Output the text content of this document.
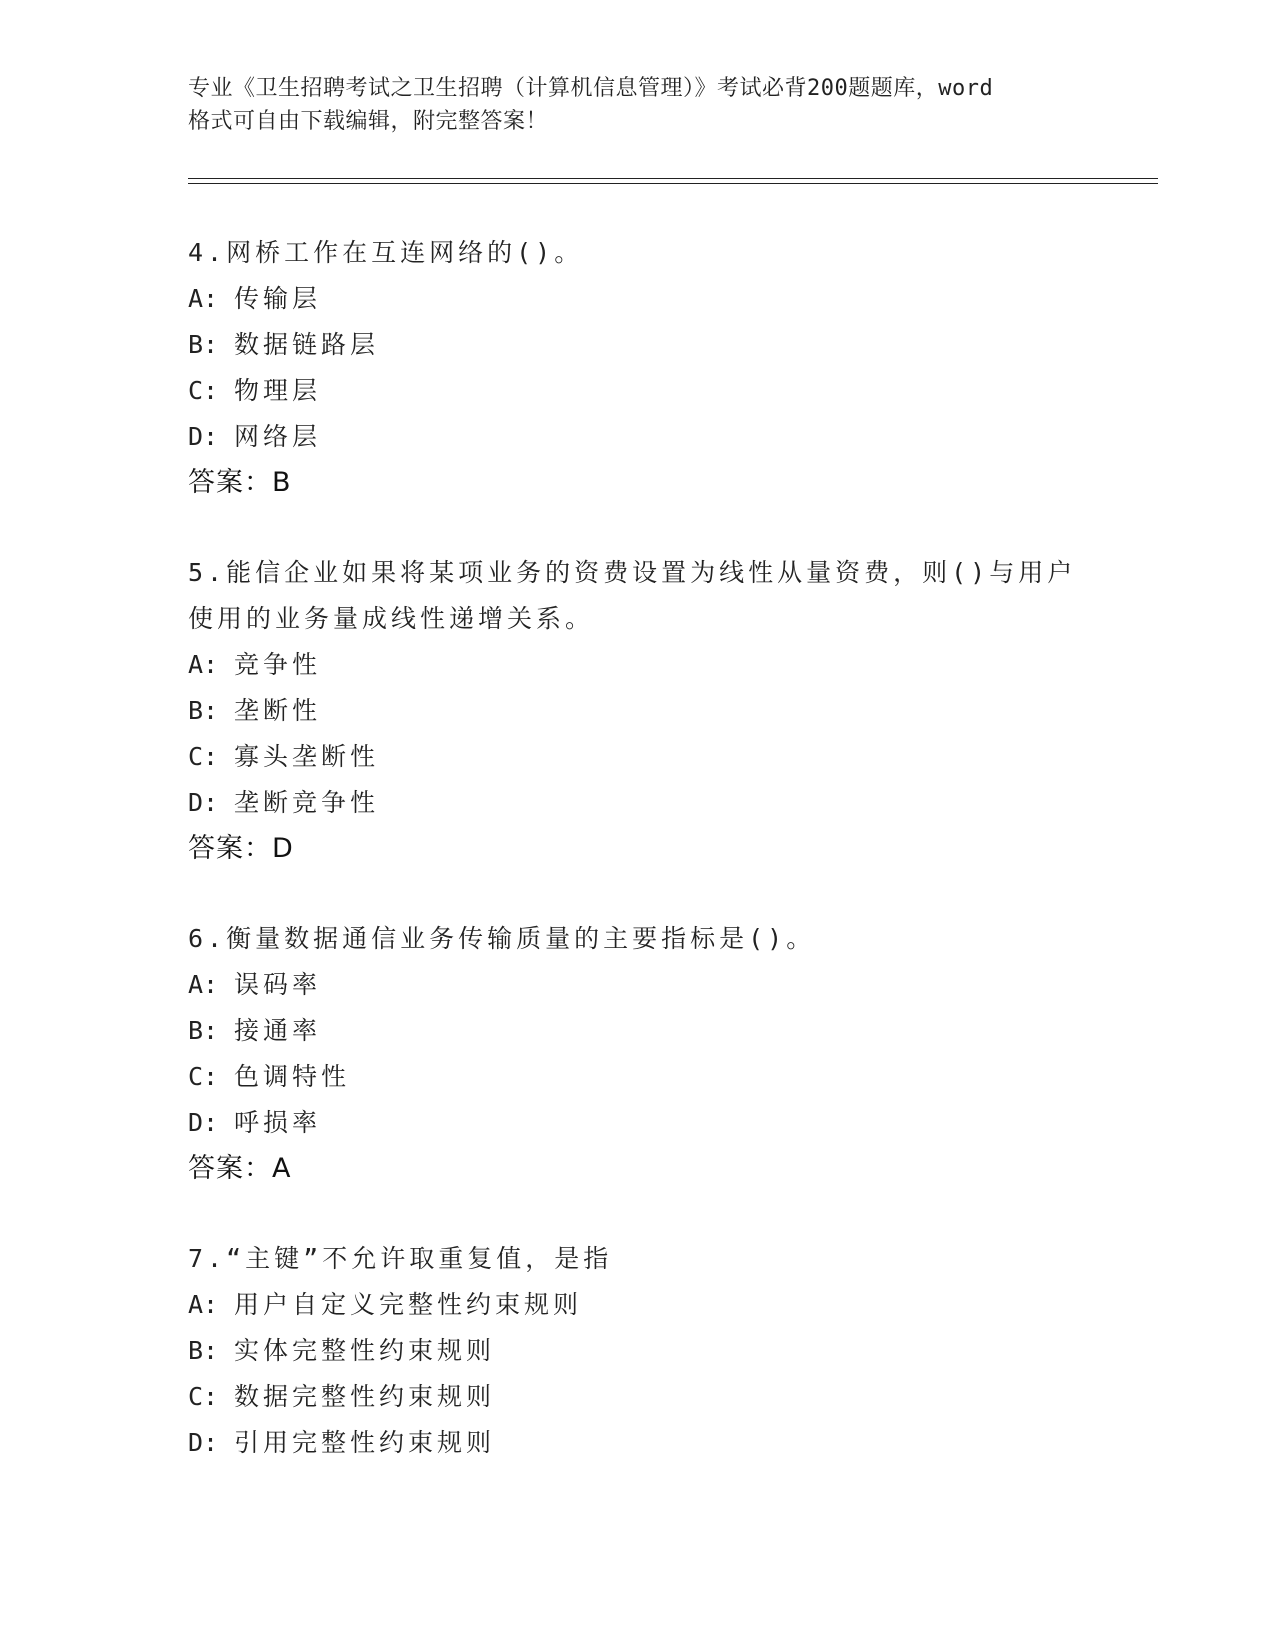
专业《卫生招聘考试之卫生招聘（计算机信息管理）》考试必背200题题库，word
格式可自由下载编辑，附完整答案！

4.网桥工作在互连网络的()。

A: 传输层
B: 数据链路层
C: 物理层
D: 网络层

答案：B

5.能信企业如果将某项业务的资费设置为线性从量资费，则()与用户

使用的业务量成线性递增关系。

A: 竞争性
B: 垄断性
C: 寡头垄断性
D: 垄断竞争性

答案：D

6.衡量数据通信业务传输质量的主要指标是()。

A: 误码率
B: 接通率
C: 色调特性
D: 呼损率

答案：A

7.“主键”不允许取重复值，是指

A: 用户自定义完整性约束规则
B: 实体完整性约束规则
C: 数据完整性约束规则
D: 引用完整性约束规则
